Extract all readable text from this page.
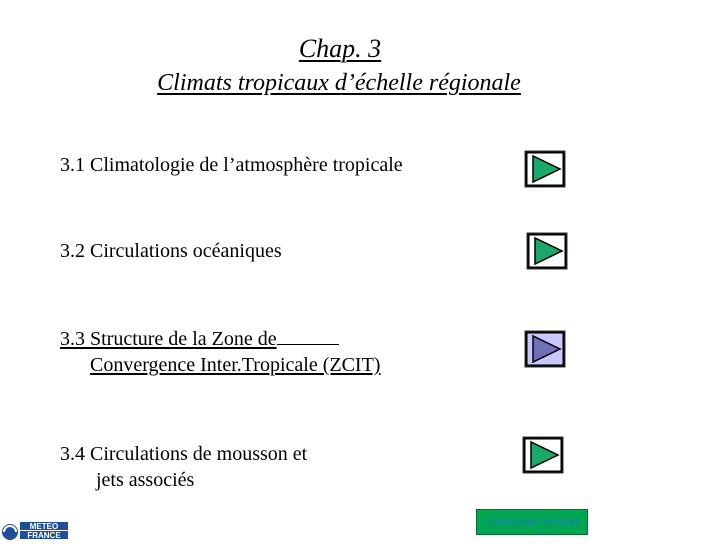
Chap. 3
Climats tropicaux d’échelle régionale
3.1 Climatologie de l’atmosphère tropicale
3.2 Circulations océaniques
3.3 Structure de la Zone de
Convergence Inter.Tropicale (ZCIT)
3.4 Circulations de mousson et
jets associés
METEO
FRANCE
sommaire général
